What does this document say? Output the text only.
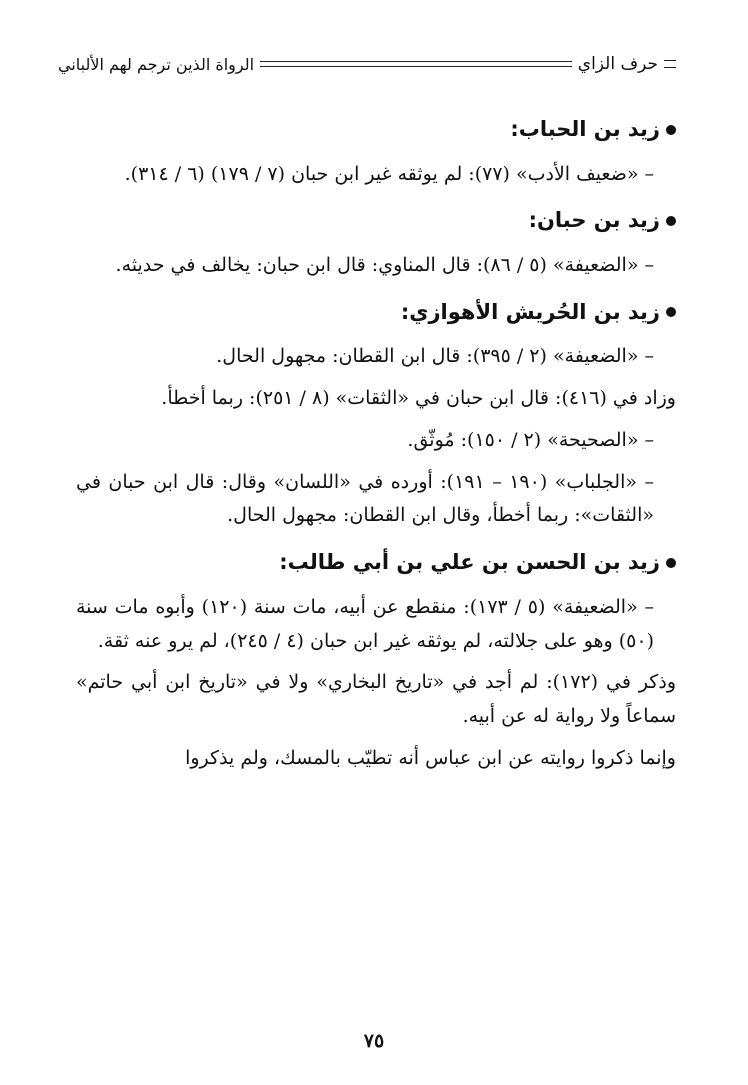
حرف الزاي
الرواة الذين ترجم لهم الألباني
زيد بن الحباب:

– «ضعيف الأدب» (٧٧): لم يوثقه غير ابن حبان (٧ / ١٧٩) (٦ / ٣١٤).

زيد بن حبان:

– «الضعيفة» (٥ / ٨٦): قال المناوي: قال ابن حبان: يخالف في حديثه.

زيد بن الحُريش الأهوازي:

– «الضعيفة» (٢ / ٣٩٥): قال ابن القطان: مجهول الحال.

وزاد في (٤١٦): قال ابن حبان في «الثقات» (٨ / ٢٥١): ربما أخطأ.

– «الصحيحة» (٢ / ١٥٠): مُوثّق.

– «الجلباب» (١٩٠ – ١٩١): أورده في «اللسان» وقال: قال ابن حبان في «الثقات»: ربما أخطأ، وقال ابن القطان: مجهول الحال.

زيد بن الحسن بن علي بن أبي طالب:

– «الضعيفة» (٥ / ١٧٣): منقطع عن أبيه، مات سنة (١٢٠) وأبوه مات سنة (٥٠) وهو على جلالته، لم يوثقه غير ابن حبان (٤ / ٢٤٥)، لم يرو عنه ثقة.

وذكر في (١٧٢): لم أجد في «تاريخ البخاري» ولا في «تاريخ ابن أبي حاتم» سماعاً ولا رواية له عن أبيه.

وإنما ذكروا روايته عن ابن عباس أنه تطيّب بالمسك، ولم يذكروا

٧٥
